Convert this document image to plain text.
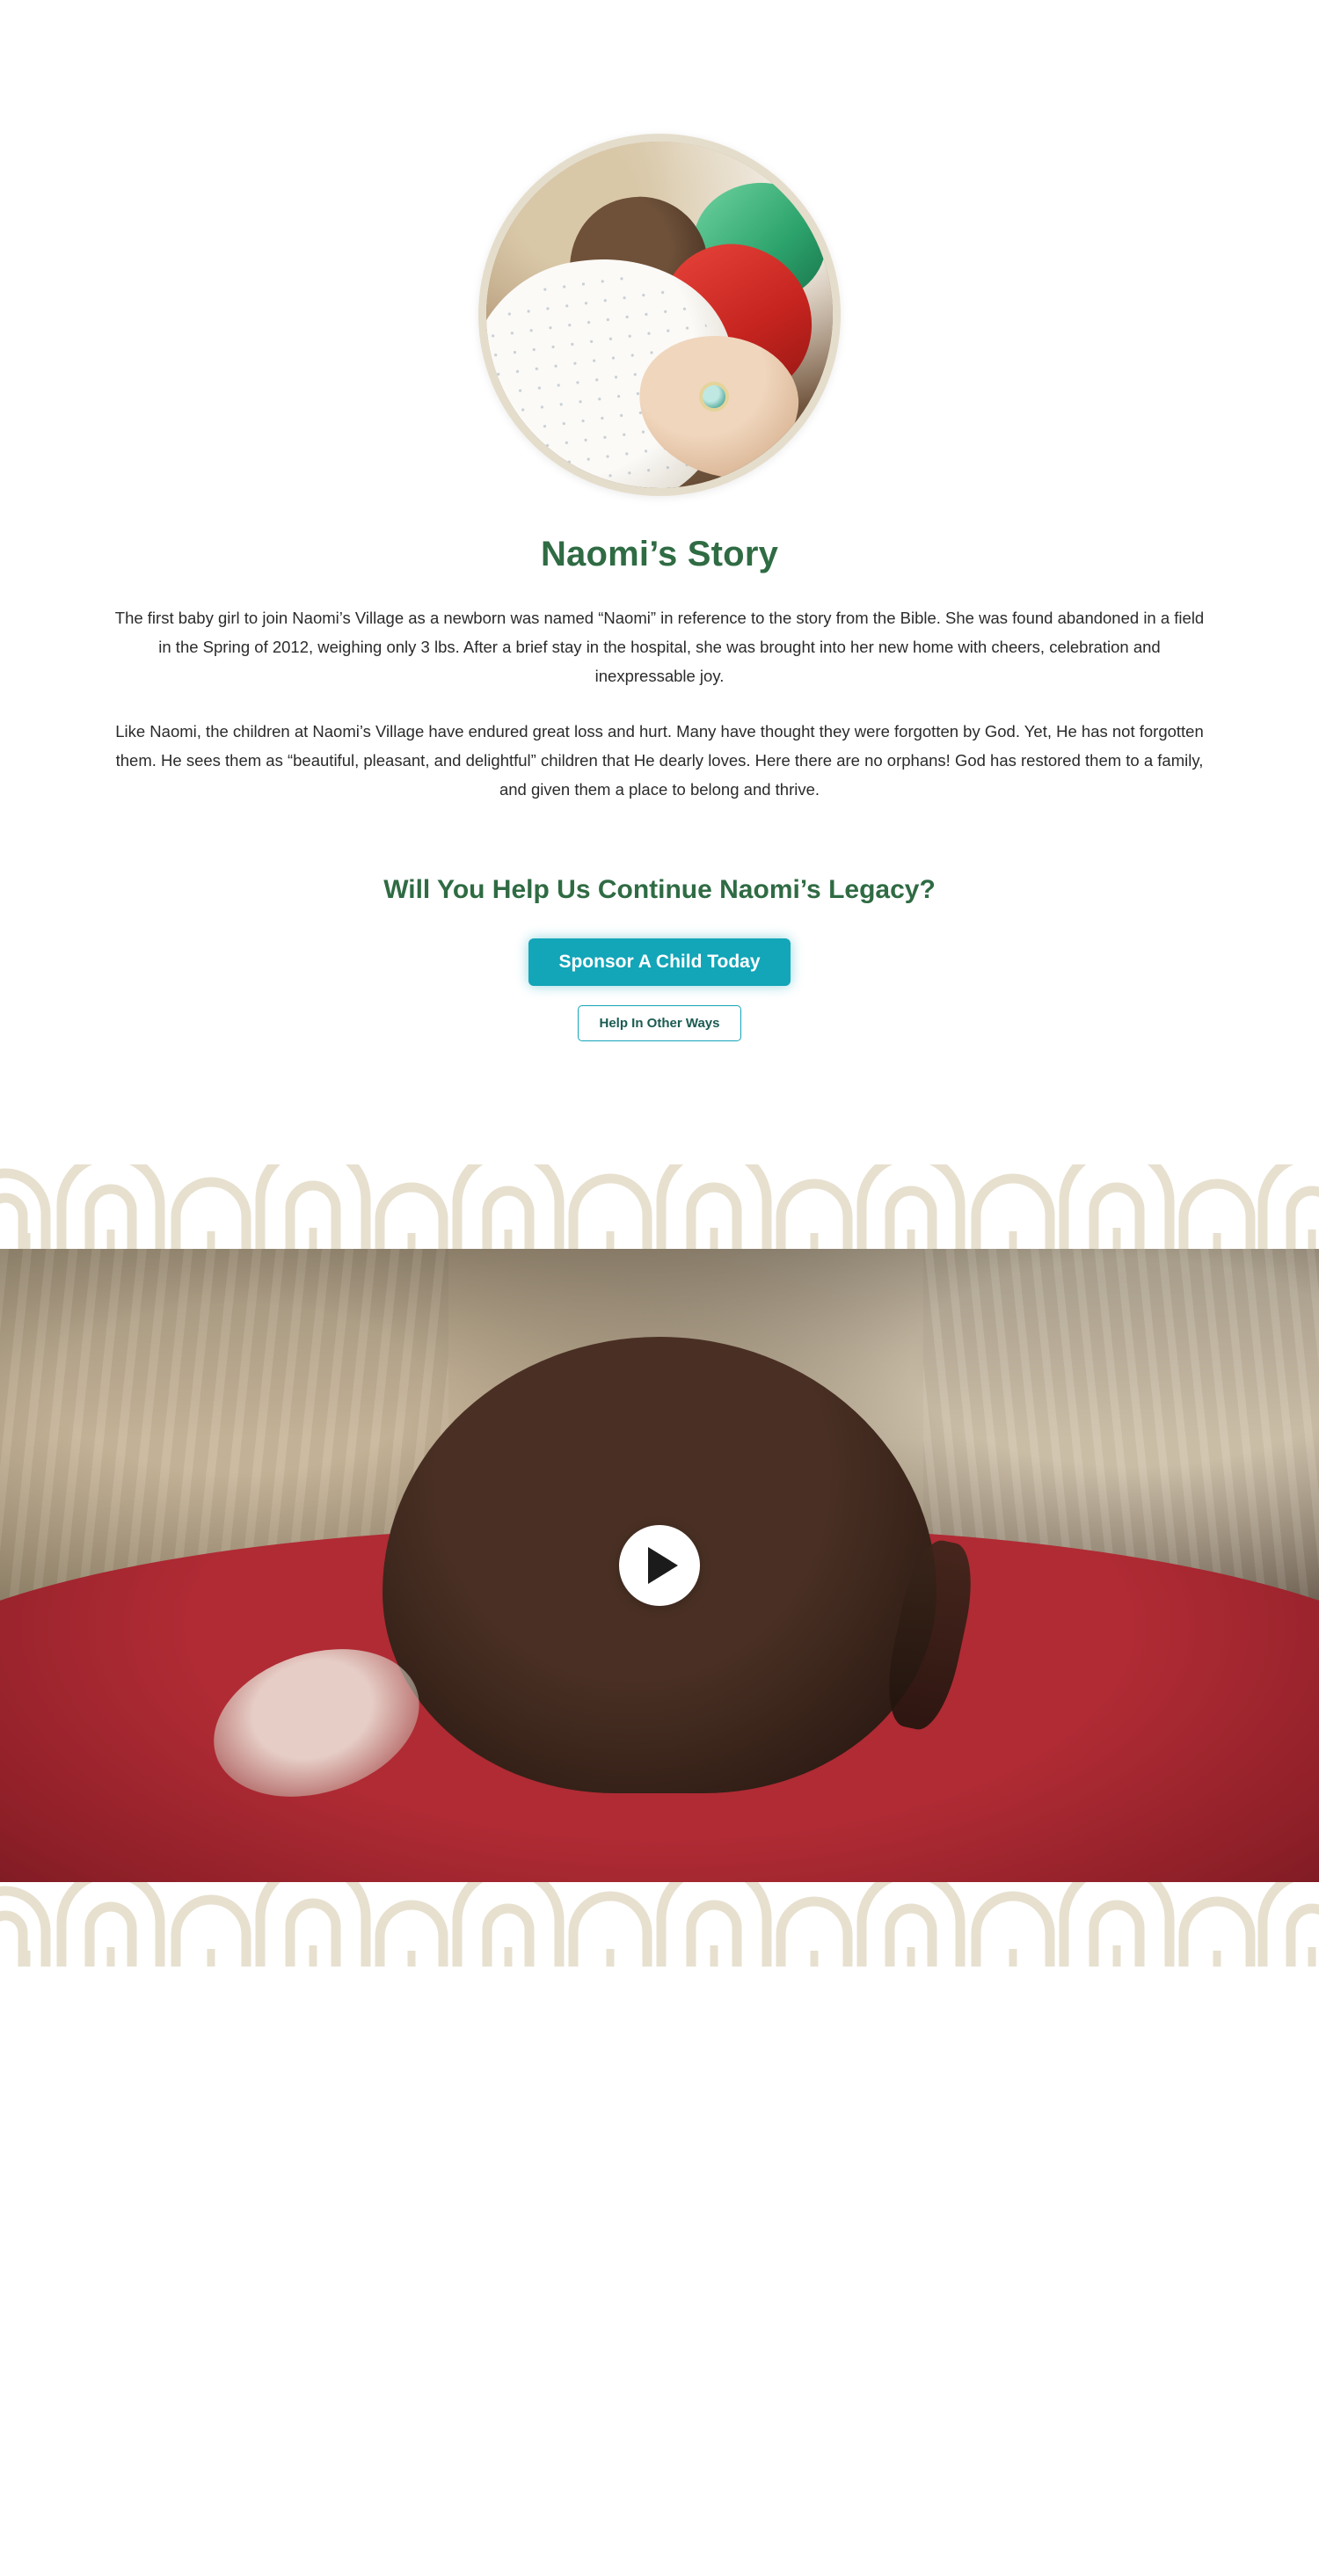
Naomi’s Story

The first baby girl to join Naomi’s Village as a newborn was named “Naomi” in reference to the story from the Bible. She was found abandoned in a field in the Spring of 2012, weighing only 3 lbs. After a brief stay in the hospital, she was brought into her new home with cheers, celebration and inexpressable joy.

Like Naomi, the children at Naomi’s Village have endured great loss and hurt. Many have thought they were forgotten by God. Yet, He has not forgotten them. He sees them as “beautiful, pleasant, and delightful” children that He dearly loves. Here there are no orphans! God has restored them to a family, and given them a place to belong and thrive.

Will You Help Us Continue Naomi’s Legacy?
Sponsor A Child Today
Help In Other Ways
